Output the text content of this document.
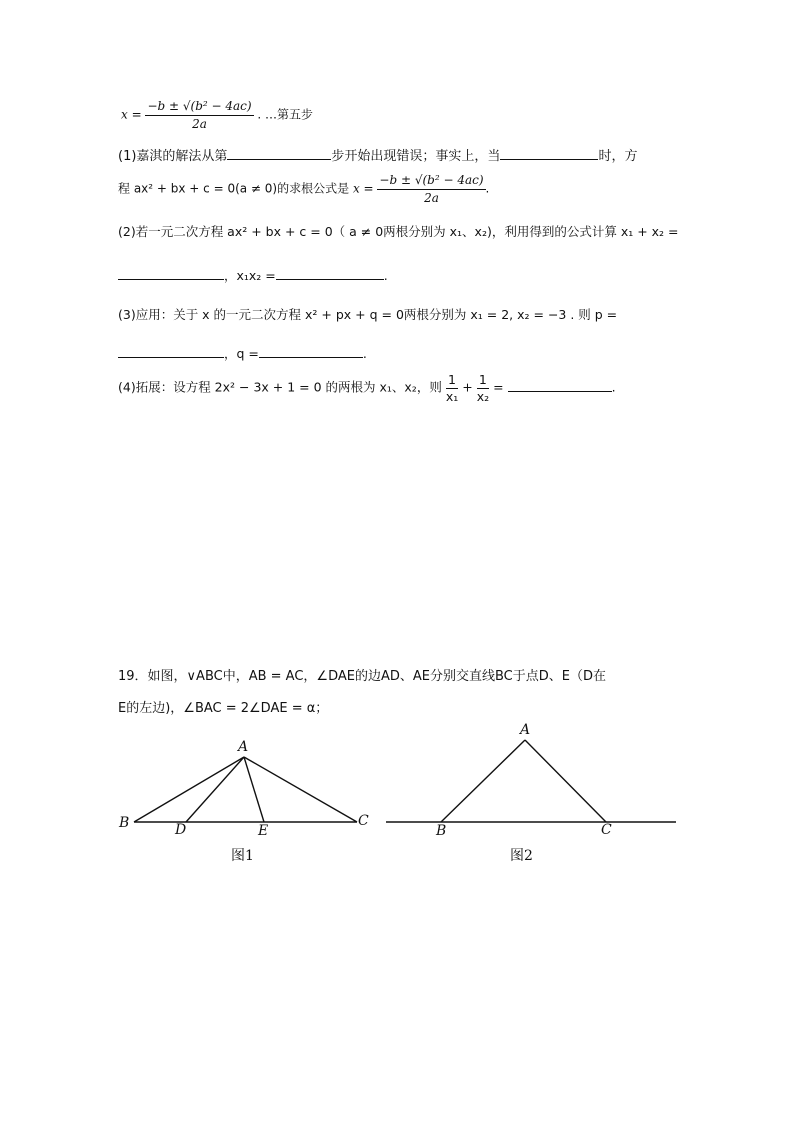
$x = \frac{\text{−b ± √(b² − 4ac)}}{2a}$ . …第五步
(1)嘉淇的解法从第	步开始出现错误；事实上，当	时，方
程 ax² + bx + c = 0(a ≠ 0)的求根公式是 $x = \frac{\text{−b ± √(b² − 4ac)}}{2a}$ .
(2)若一元二次方程 ax² + bx + c = 0（ a ≠ 0两根分别为 x₁、x₂)，利用得到的公式计算 x₁ + x₂ =
，x₁x₂ =	.
(3)应用：关于 x 的一元二次方程 x² + px + q = 0两根分别为 x₁ = 2, x₂ = −3 . 则 p =
，q =	.
(4)拓展：设方程 2x² − 3x + 1 = 0 的两根为 x₁、x₂，则 $\frac{1}{\text{x₁}} + \frac{1}{\text{x₂}}$ =	.
19．如图，∨ABC中，AB = AC，∠DAE的边AD、AE分别交直线BC于点D、E（D在
E的左边)，∠BAC = 2∠DAE = α；
A
B	C
D	E
图1
A
B	C
图2
